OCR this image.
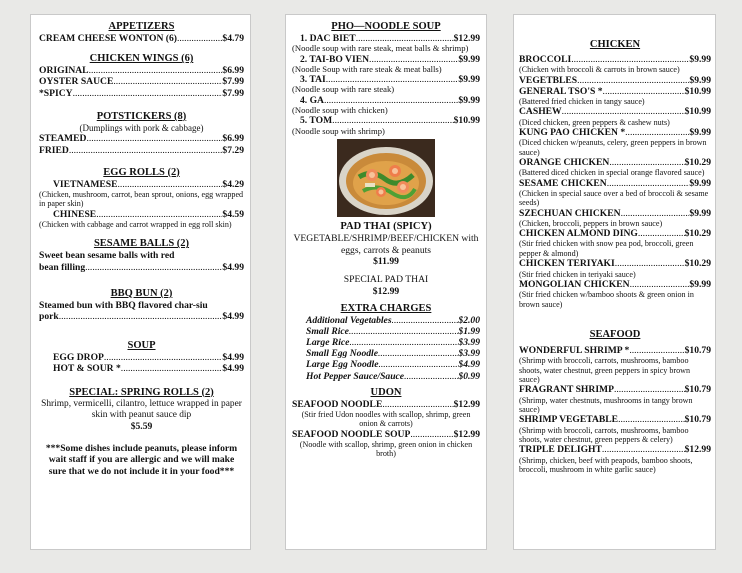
APPETIZERS
CREAM CHEESE WONTON (6) .....	$4.79
CHICKEN WINGS (6)
ORIGINAL .....	$6.99
OYSTER SAUCE .....	$7.99
*SPICY .....	$7.99
POTSTICKERS (8)
(Dumplings with pork & cabbage)
STEAMED .....	$6.99
FRIED .....	$7.29
EGG ROLLS (2)
VIETNAMESE .....	$4.29
(Chicken, mushroom, carrot, bean sprout, onions, egg wrapped in paper skin)
CHINESE .....	$4.59
(Chicken with cabbage and carrot wrapped in egg roll skin)
SESAME BALLS (2)
Sweet bean sesame balls with red
bean filling .....	$4.99
BBQ BUN (2)
Steamed bun with BBQ flavored char-siu
pork .....	$4.99
SOUP
EGG DROP .....	$4.99
HOT & SOUR * .....	$4.99
SPECIAL: SPRING ROLLS (2)
Shrimp, vermicelli, cilantro, lettuce wrapped in paper skin with peanut sauce dip
$5.59
***Some dishes include peanuts, please inform wait staff if you are allergic and we will make sure that we do not include it in your food***
PHO—NOODLE SOUP
1. DAC BIET .....	$12.99
(Noodle soup with rare steak, meat balls & shrimp)
2. TAI-BO VIEN .....	$9.99
(Noodle Soup with rare steak & meat balls)
3. TAI .....	$9.99
(Noodle soup with rare steak)
4. GA .....	$9.99
(Noodle soup with chicken)
5. TOM .....	$10.99
(Noodle soup with shrimp)
PAD THAI (SPICY)
VEGETABLE/SHRIMP/BEEF/CHICKEN with eggs, carrots & peanuts
$11.99
SPECIAL PAD THAI
$12.99
EXTRA CHARGES
Additional Vegetables .....	$2.00
Small Rice .....	$1.99
Large Rice .....	$3.99
Small Egg Noodle .....	$3.99
Large Egg Noodle .....	$4.99
Hot Pepper Sauce/Sauce .....	$0.99
UDON
SEAFOOD NOODLE .....	$12.99
(Stir fried Udon noodles with scallop, shrimp, green onion & carrots)
SEAFOOD NOODLE SOUP .....	$12.99
(Noodle with scallop, shrimp, green onion in chicken broth)
CHICKEN
BROCCOLI .....	$9.99
(Chicken with broccoli & carrots in brown sauce)
VEGETBLES .....	$9.99
GENERAL TSO'S * .....	$10.99
(Battered fried chicken in tangy sauce)
CASHEW .....	$10.99
(Diced chicken, green peppers & cashew nuts)
KUNG PAO CHICKEN * .....	$9.99
(Diced chicken w/peanuts, celery, green peppers in brown sauce)
ORANGE CHICKEN .....	$10.29
(Battered diced chicken in special orange flavored sauce)
SESAME CHICKEN .....	$9.99
(Chicken in special sauce over a bed of broccoli & sesame seeds)
SZECHUAN CHICKEN .....	$9.99
(Chicken, broccoli, peppers in brown sauce)
CHICKEN ALMOND DING .....	$10.29
(Stir fried chicken with snow pea pod, broccoli, green pepper & almond)
CHICKEN TERIYAKI .....	$10.29
(Stir fried chicken in teriyaki sauce)
MONGOLIAN CHICKEN .....	$9.99
(Stir fried chicken w/bamboo shoots & green onion in brown sauce)
SEAFOOD
WONDERFUL SHRIMP * .....	$10.79
(Shrimp with broccoli, carrots, mushrooms, bamboo shoots, water chestnut, green peppers in spicy brown sauce)
FRAGRANT SHRIMP .....	$10.79
(Shrimp, water chestnuts, mushrooms in tangy brown sauce)
SHRIMP VEGETABLE .....	$10.79
(Shrimp with broccoli, carrots, mushrooms, bamboo shoots, water chestnut, green peppers & celery)
TRIPLE DELIGHT .....	$12.99
(Shrimp, chicken, beef with peapods, bamboo shoots, broccoli, mushroom in white garlic sauce)
